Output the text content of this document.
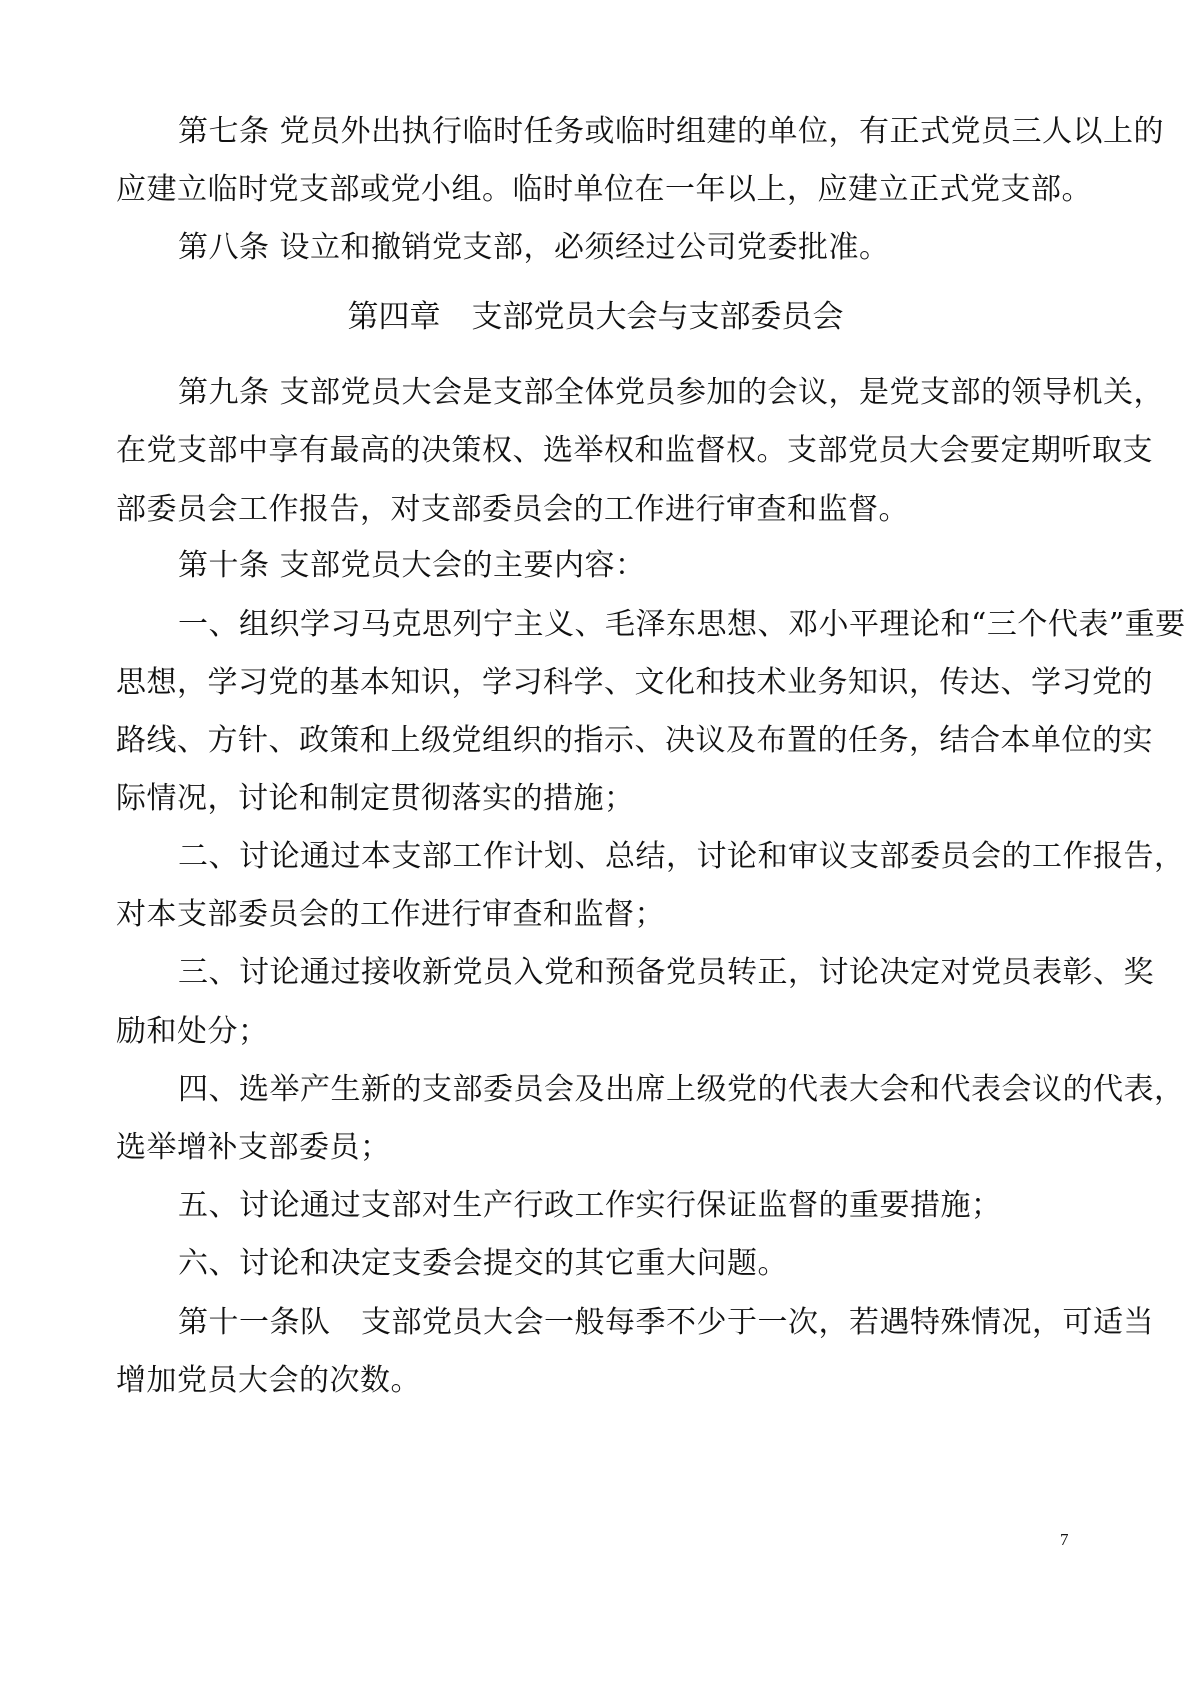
第七条 党员外出执行临时任务或临时组建的单位，有正式党员三人以上的
应建立临时党支部或党小组。临时单位在一年以上，应建立正式党支部。
第八条 设立和撤销党支部，必须经过公司党委批准。
第四章　支部党员大会与支部委员会
第九条 支部党员大会是支部全体党员参加的会议，是党支部的领导机关，
在党支部中享有最高的决策权、选举权和监督权。支部党员大会要定期听取支
部委员会工作报告，对支部委员会的工作进行审查和监督。
第十条 支部党员大会的主要内容：
一、组织学习马克思列宁主义、毛泽东思想、邓小平理论和“三个代表”重要
思想，学习党的基本知识，学习科学、文化和技术业务知识，传达、学习党的
路线、方针、政策和上级党组织的指示、决议及布置的任务，结合本单位的实
际情况，讨论和制定贯彻落实的措施；
二、讨论通过本支部工作计划、总结，讨论和审议支部委员会的工作报告，
对本支部委员会的工作进行审查和监督；
三、讨论通过接收新党员入党和预备党员转正，讨论决定对党员表彰、奖
励和处分；
四、选举产生新的支部委员会及出席上级党的代表大会和代表会议的代表，
选举增补支部委员；
五、讨论通过支部对生产行政工作实行保证监督的重要措施；
六、讨论和决定支委会提交的其它重大问题。
第十一条队　支部党员大会一般每季不少于一次，若遇特殊情况，可适当
增加党员大会的次数。
7
